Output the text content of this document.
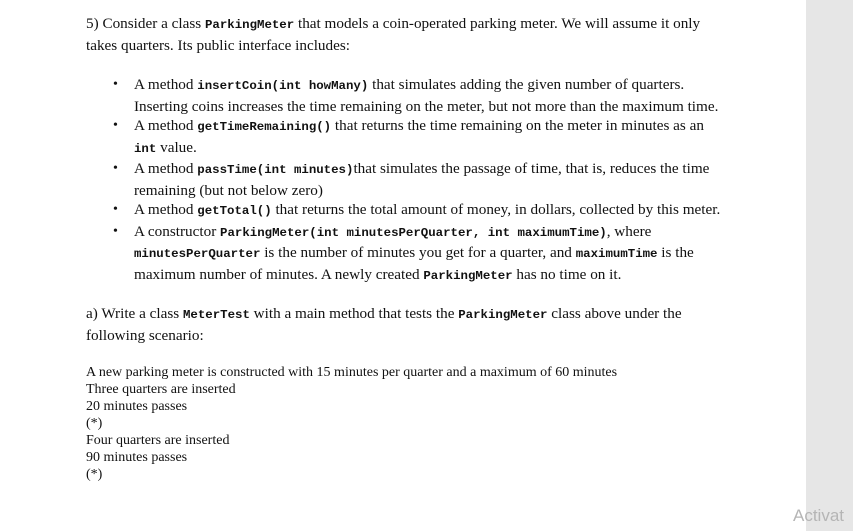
5) Consider a class ParkingMeter that models a coin-operated parking meter. We will assume it only takes quarters. Its public interface includes:

• A method insertCoin(int howMany) that simulates adding the given number of quarters. Inserting coins increases the time remaining on the meter, but not more than the maximum time.
• A method getTimeRemaining() that returns the time remaining on the meter in minutes as an int value.
• A method passTime(int minutes)that simulates the passage of time, that is, reduces the time remaining (but not below zero)
• A method getTotal() that returns the total amount of money, in dollars, collected by this meter.
• A constructor ParkingMeter(int minutesPerQuarter, int maximumTime), where minutesPerQuarter is the number of minutes you get for a quarter, and maximumTime is the maximum number of minutes. A newly created ParkingMeter has no time on it.

a) Write a class MeterTest with a main method that tests the ParkingMeter class above under the following scenario:

A new parking meter is constructed with 15 minutes per quarter and a maximum of 60 minutes
Three quarters are inserted
20 minutes passes
(*)
Four quarters are inserted
90 minutes passes
(*)
Activat
